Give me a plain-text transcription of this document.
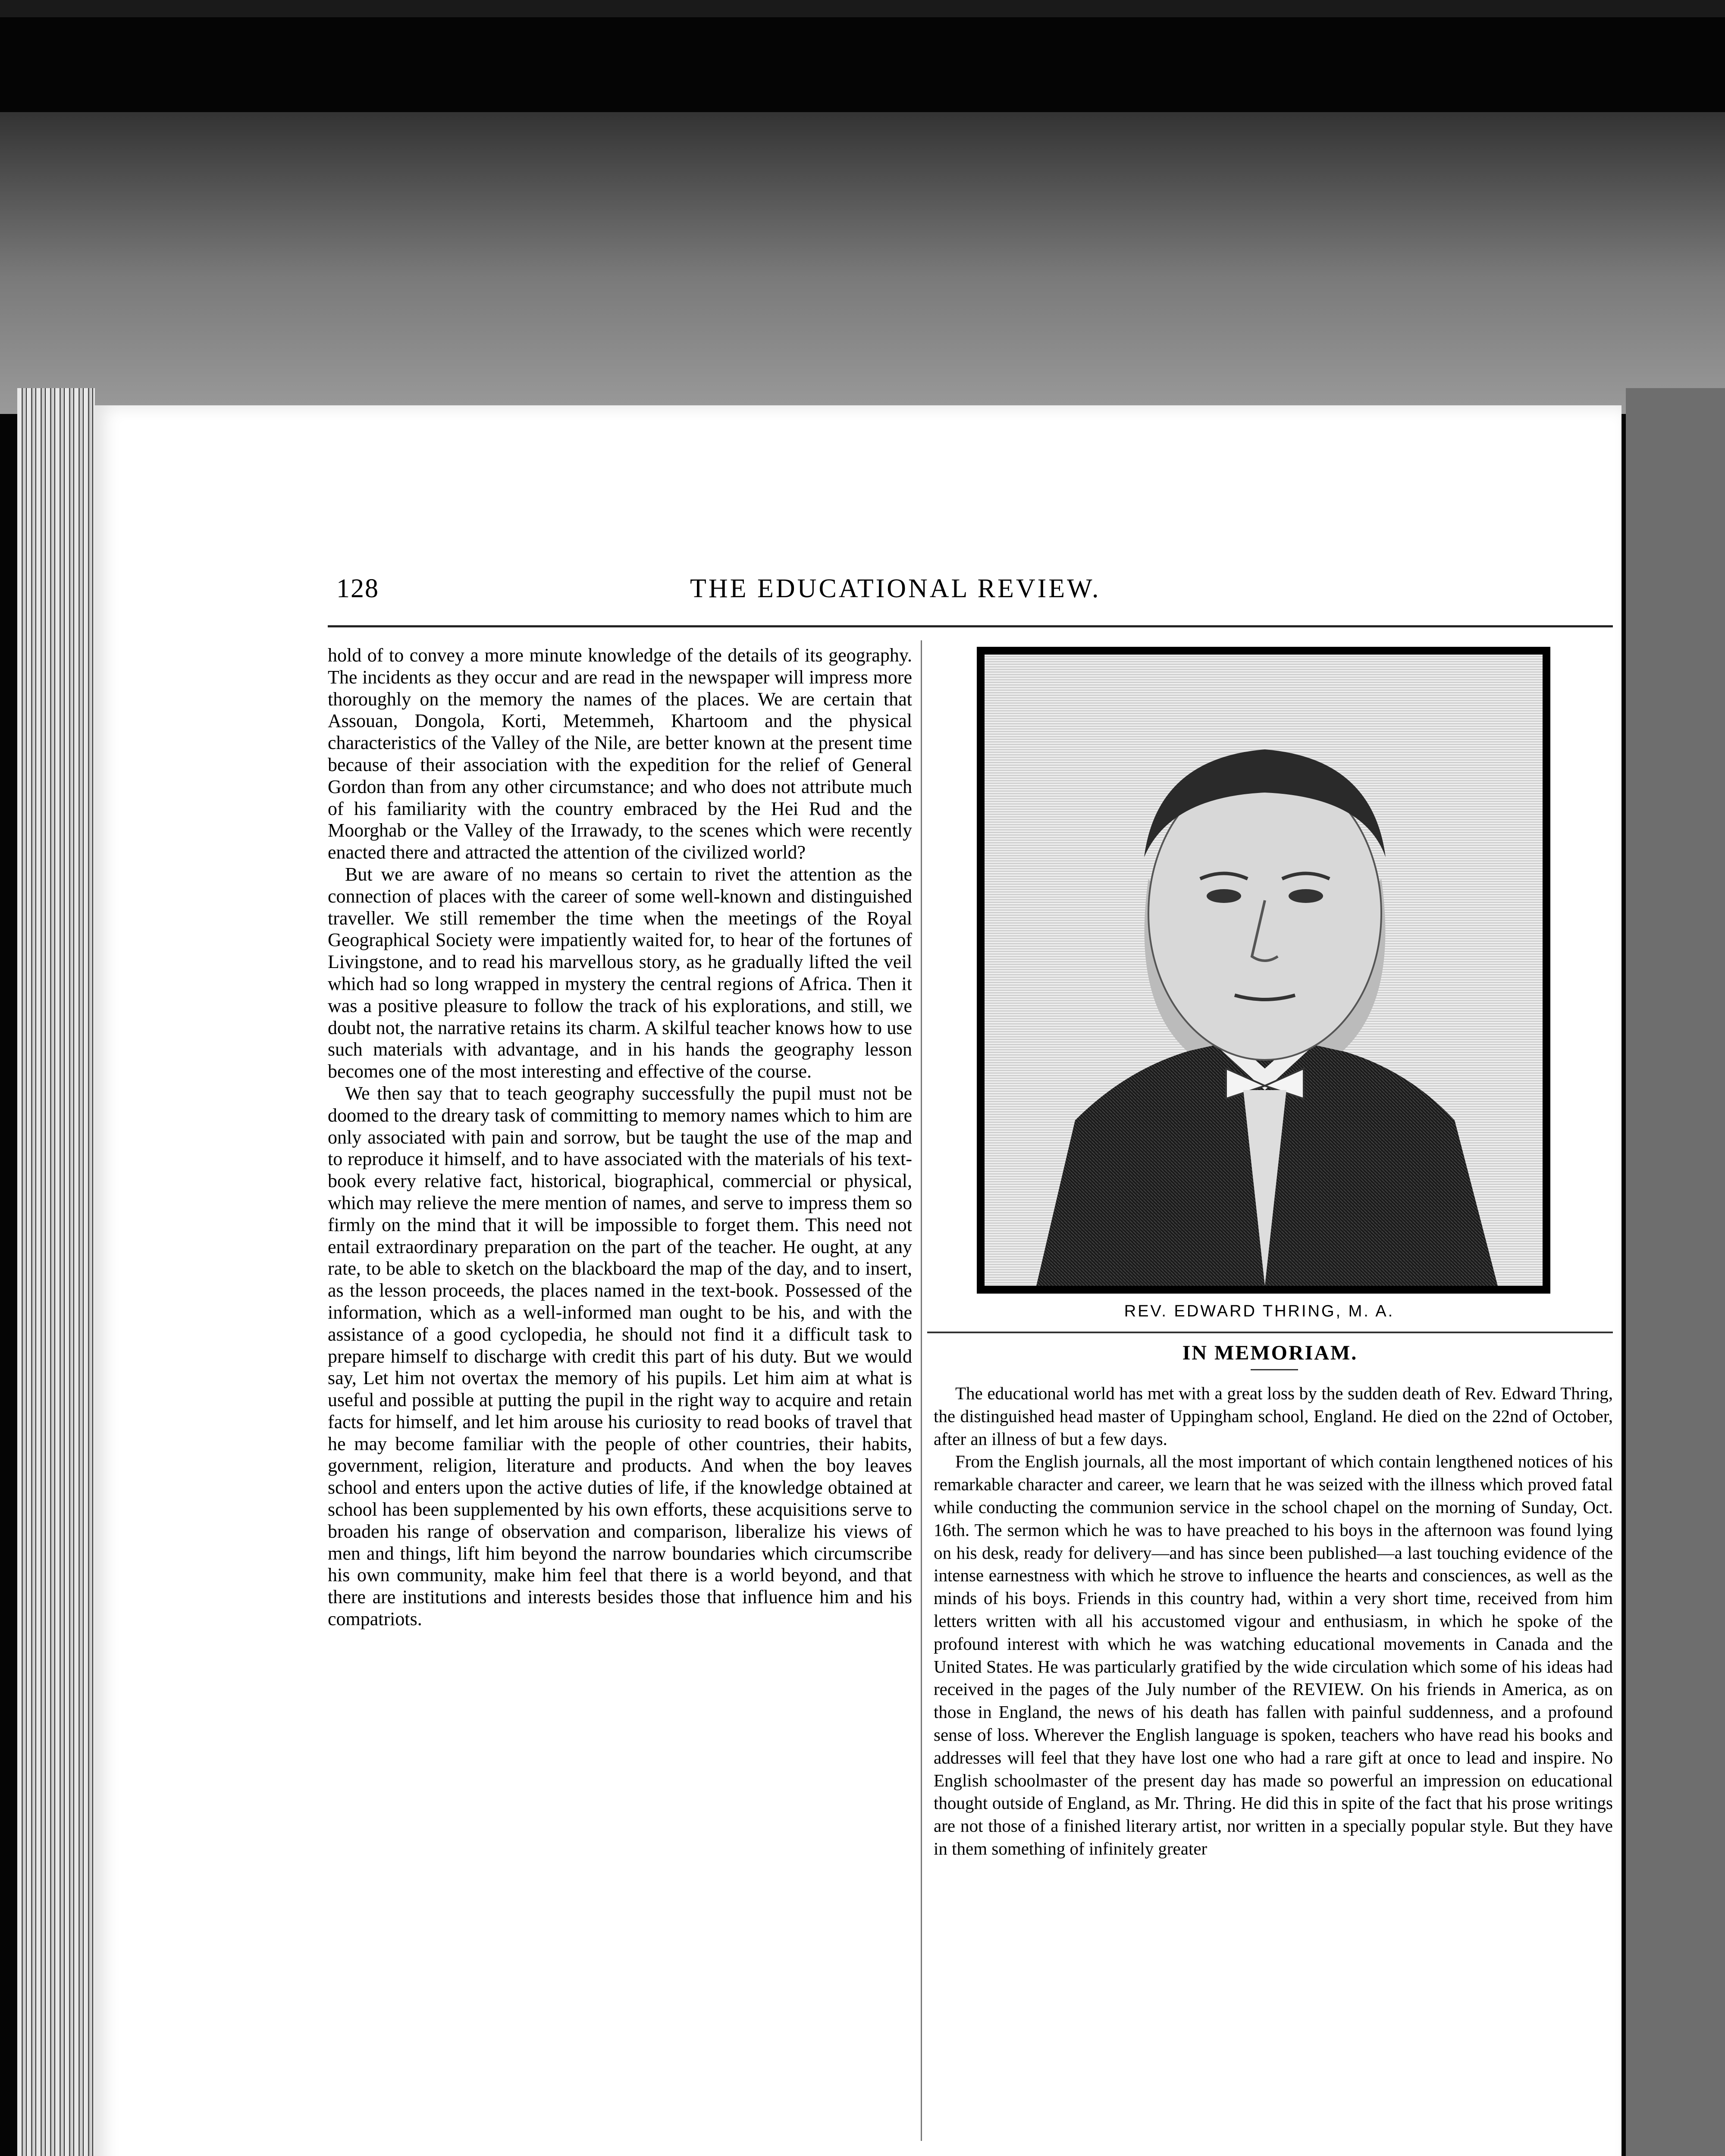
128	THE EDUCATIONAL REVIEW.

hold of to convey a more minute knowledge of the details of its geography. The incidents as they occur and are read in the newspaper will impress more thoroughly on the memory the names of the places. We are certain that Assouan, Dongola, Korti, Metemmeh, Khartoom and the physical characteristics of the Valley of the Nile, are better known at the present time because of their association with the expedition for the relief of General Gordon than from any other circumstance; and who does not attribute much of his familiarity with the country embraced by the Hei Rud and the Moorghab or the Valley of the Irrawady, to the scenes which were recently enacted there and attracted the attention of the civilized world?

But we are aware of no means so certain to rivet the attention as the connection of places with the career of some well-known and distinguished traveller. We still remember the time when the meetings of the Royal Geographical Society were impatiently waited for, to hear of the fortunes of Livingstone, and to read his marvellous story, as he gradually lifted the veil which had so long wrapped in mystery the central regions of Africa. Then it was a positive pleasure to follow the track of his explorations, and still, we doubt not, the narrative retains its charm. A skilful teacher knows how to use such materials with advantage, and in his hands the geography lesson becomes one of the most interesting and effective of the course.

We then say that to teach geography successfully the pupil must not be doomed to the dreary task of committing to memory names which to him are only associated with pain and sorrow, but be taught the use of the map and to reproduce it himself, and to have associated with the materials of his text-book every relative fact, historical, biographical, commercial or physical, which may relieve the mere mention of names, and serve to impress them so firmly on the mind that it will be impossible to forget them. This need not entail extraordinary preparation on the part of the teacher. He ought, at any rate, to be able to sketch on the blackboard the map of the day, and to insert, as the lesson proceeds, the places named in the text-book. Possessed of the information, which as a well-informed man ought to be his, and with the assistance of a good cyclopedia, he should not find it a difficult task to prepare himself to discharge with credit this part of his duty. But we would say, Let him not overtax the memory of his pupils. Let him aim at what is useful and possible at putting the pupil in the right way to acquire and retain facts for himself, and let him arouse his curiosity to read books of travel that he may become familiar with the people of other countries, their habits, government, religion, literature and products. And when the boy leaves school and enters upon the active duties of life, if the knowledge obtained at school has been supplemented by his own efforts, these acquisitions serve to broaden his range of observation and comparison, liberalize his views of men and things, lift him beyond the narrow boundaries which circumscribe his own community, make him feel that there is a world beyond, and that there are institutions and interests besides those that influence him and his compatriots.

REV. EDWARD THRING, M. A.
IN MEMORIAM.

The educational world has met with a great loss by the sudden death of Rev. Edward Thring, the distinguished head master of Uppingham school, England. He died on the 22nd of October, after an illness of but a few days.

From the English journals, all the most important of which contain lengthened notices of his remarkable character and career, we learn that he was seized with the illness which proved fatal while conducting the communion service in the school chapel on the morning of Sunday, Oct. 16th. The sermon which he was to have preached to his boys in the afternoon was found lying on his desk, ready for delivery—and has since been published—a last touching evidence of the intense earnestness with which he strove to influence the hearts and consciences, as well as the minds of his boys. Friends in this country had, within a very short time, received from him letters written with all his accustomed vigour and enthusiasm, in which he spoke of the profound interest with which he was watching educational movements in Canada and the United States. He was particularly gratified by the wide circulation which some of his ideas had received in the pages of the July number of the REVIEW. On his friends in America, as on those in England, the news of his death has fallen with painful suddenness, and a profound sense of loss. Wherever the English language is spoken, teachers who have read his books and addresses will feel that they have lost one who had a rare gift at once to lead and inspire. No English schoolmaster of the present day has made so powerful an impression on educational thought outside of England, as Mr. Thring. He did this in spite of the fact that his prose writings are not those of a finished literary artist, nor written in a specially popular style. But they have in them something of infinitely greater
